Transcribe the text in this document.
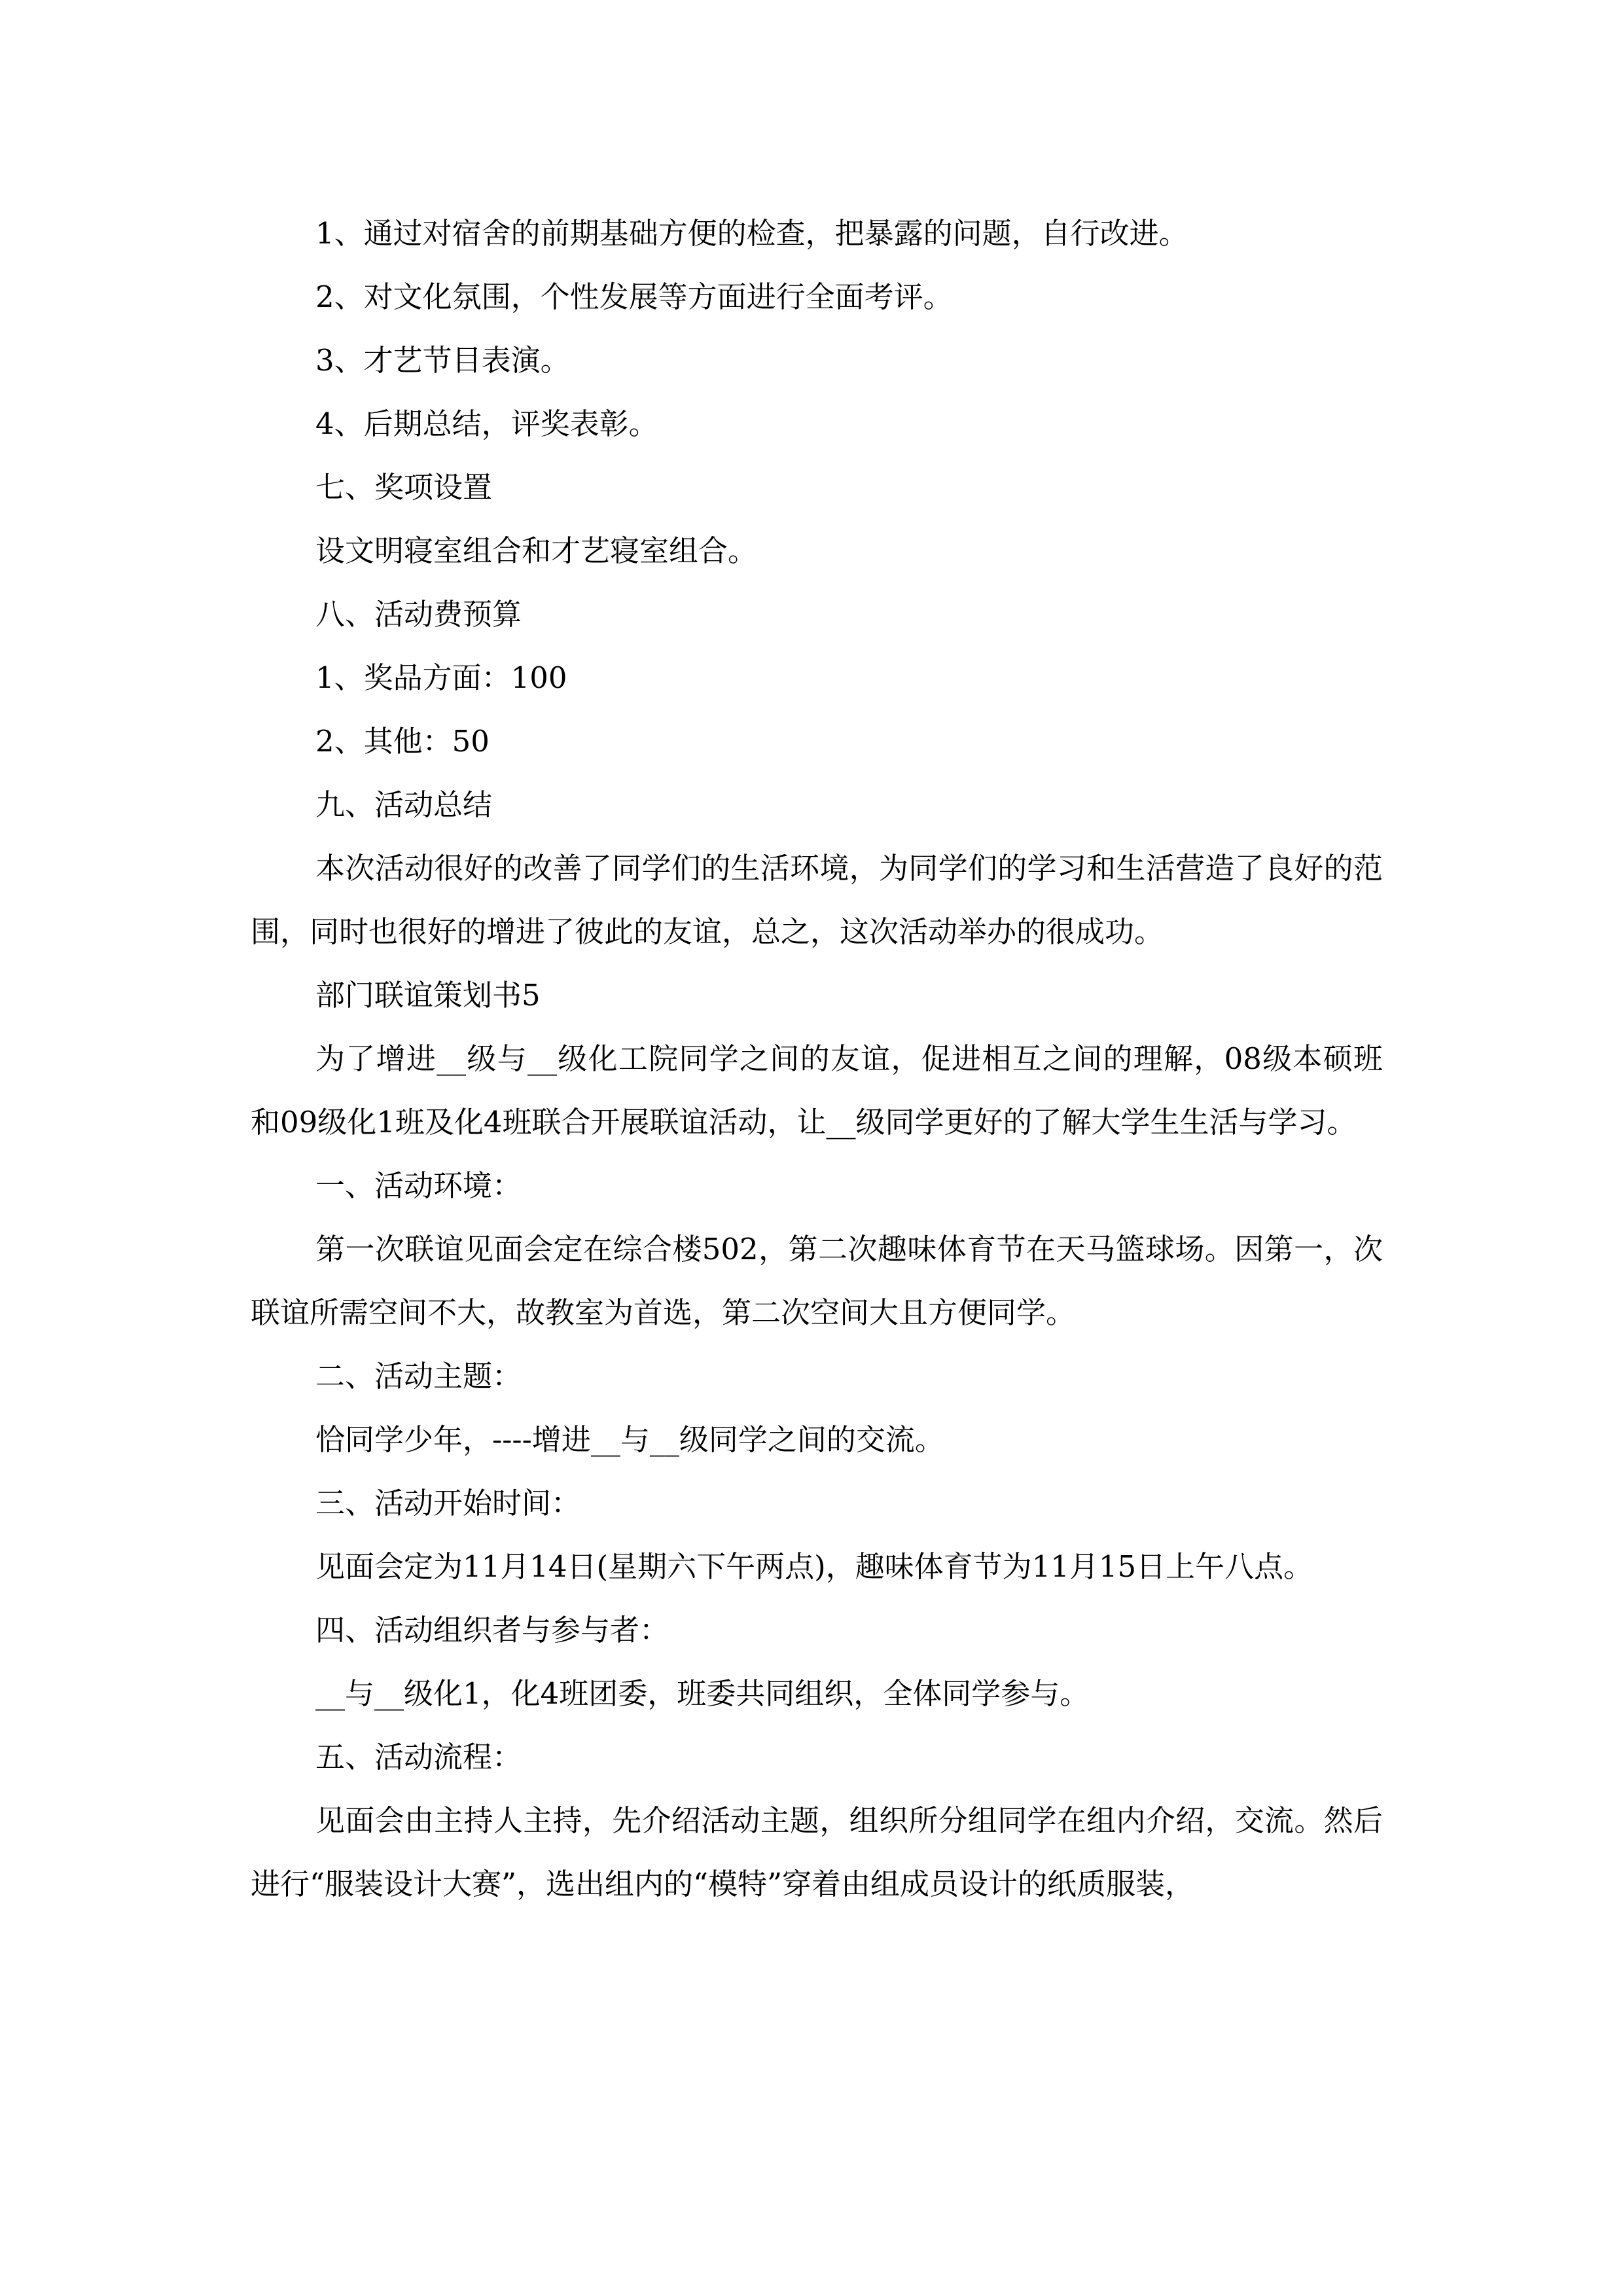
1、通过对宿舍的前期基础方便的检查，把暴露的问题，自行改进。

2、对文化氛围，个性发展等方面进行全面考评。

3、才艺节目表演。

4、后期总结，评奖表彰。

七、奖项设置

设文明寝室组合和才艺寝室组合。

八、活动费预算

1、奖品方面：100

2、其他：50

九、活动总结

本次活动很好的改善了同学们的生活环境，为同学们的学习和生活营造了良好的范围，同时也很好的增进了彼此的友谊，总之，这次活动举办的很成功。

部门联谊策划书5

为了增进__级与__级化工院同学之间的友谊，促进相互之间的理解，08级本硕班和09级化1班及化4班联合开展联谊活动，让__级同学更好的了解大学生生活与学习。

一、活动环境：

第一次联谊见面会定在综合楼502，第二次趣味体育节在天马篮球场。因第一，次联谊所需空间不大，故教室为首选，第二次空间大且方便同学。

二、活动主题：

恰同学少年，----增进__与__级同学之间的交流。

三、活动开始时间：

见面会定为11月14日(星期六下午两点)，趣味体育节为11月15日上午八点。

四、活动组织者与参与者：

__与__级化1，化4班团委，班委共同组织，全体同学参与。

五、活动流程：

见面会由主持人主持，先介绍活动主题，组织所分组同学在组内介绍，交流。然后进行“服装设计大赛”，选出组内的“模特”穿着由组成员设计的纸质服装，
